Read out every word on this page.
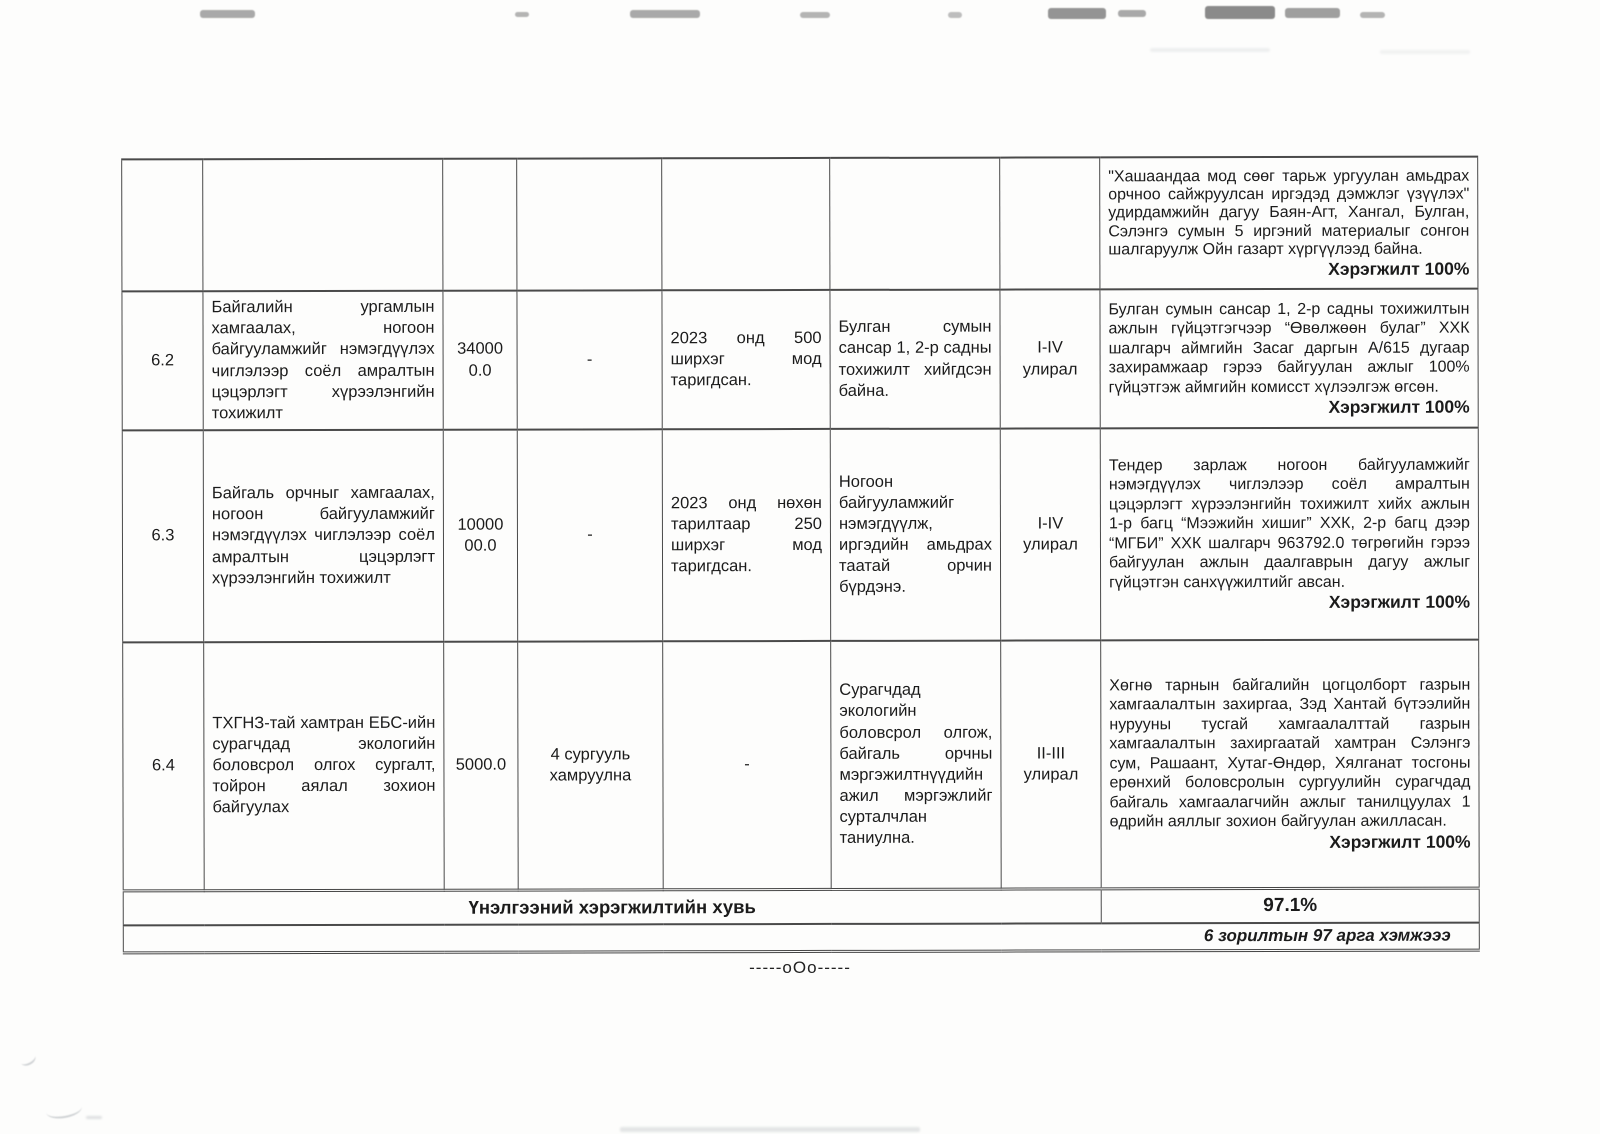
							"Хашаандаа мод сөөг тарьж ургуулан амьдрах орчноо сайжруулсан иргэдэд дэмжлэг үзүүлэх" удирдамжийн дагуу Баян-Агт, Хангал, Булган, Сэлэнгэ сумын 5 иргэний материалыг сонгон шалгаруулж Ойн газарт хүргүүлээд байна.
Хэрэгжилт 100%

6.2	Байгалийн ургамлын хамгаалах, ногоон байгууламжийг нэмэгдүүлэх чиглэлээр соёл амралтын цэцэрлэгт хүрээлэнгийн тохижилт	34000 0.0	-	2023 онд 500 ширхэг мод таригдсан.	Булган сумын сансар 1, 2-р садны тохижилт хийгдсэн байна.	I-IV улирал	Булган сумын сансар 1, 2-р садны тохижилтын ажлын гүйцэтгэгчээр “Өвөлжөөн булаг” ХХК шалгарч аймгийн Засаг даргын А/615 дугаар захирамжаар гэрээ байгуулан ажлыг 100% гүйцэтгэж аймгийн комисст хүлээлгэж өгсөн.
Хэрэгжилт 100%

6.3	Байгаль орчныг хамгаалах, ногоон байгууламжийг нэмэгдүүлэх чиглэлээр соёл амралтын цэцэрлэгт хүрээлэнгийн тохижилт	10000 00.0	-	2023 онд нөхөн тарилтаар 250 ширхэг мод таригдсан.	Ногоон байгууламжийг нэмэгдүүлж, иргэдийн амьдрах таатай орчин бүрдэнэ.	I-IV улирал	Тендер зарлаж ногоон байгууламжийг нэмэгдүүлэх чиглэлээр соёл амралтын цэцэрлэгт хүрээлэнгийн тохижилт хийх ажлын 1-р багц “Мээжийн хишиг” ХХК, 2-р багц дээр “МГБИ” ХХК шалгарч 963792.0 төгрөгийн гэрээ байгуулан ажлын даалгаврын дагуу ажлыг гүйцэтгэн санхүүжилтийг авсан.
Хэрэгжилт 100%

6.4	ТХГНЗ-тай хамтран ЕБС-ийн сурагчдад экологийн боловсрол олгох сургалт, тойрон аялал зохион байгуулах	5000.0	4 сургууль хамруулна	-	Сурагчдад экологийн боловсрол олгож, байгаль орчны мэргэжилтнүүдийн ажил мэргэжлийг сурталчлан таниулна.	II-III улирал	Хөгнө тарнын байгалийн цогцолборт газрын хамгаалалтын захиргаа, Зэд Хантай бүтээлийн нурууны тусгай хамгаалалттай газрын хамгаалалтын захиргаатай хамтран Сэлэнгэ сум, Рашаант, Хутаг-Өндөр, Хялганат тосгоны ерөнхий боловсролын сургуулийн сурагчдад байгаль хамгаалагчийн ажлыг танилцуулах 1 өдрийн аяллыг зохион байгуулан ажилласан.
Хэрэгжилт 100%

Үнэлгээний хэрэгжилтийн хувь							97.1%
6 зорилтын 97 арга хэмжэээ							
-----oOo-----
